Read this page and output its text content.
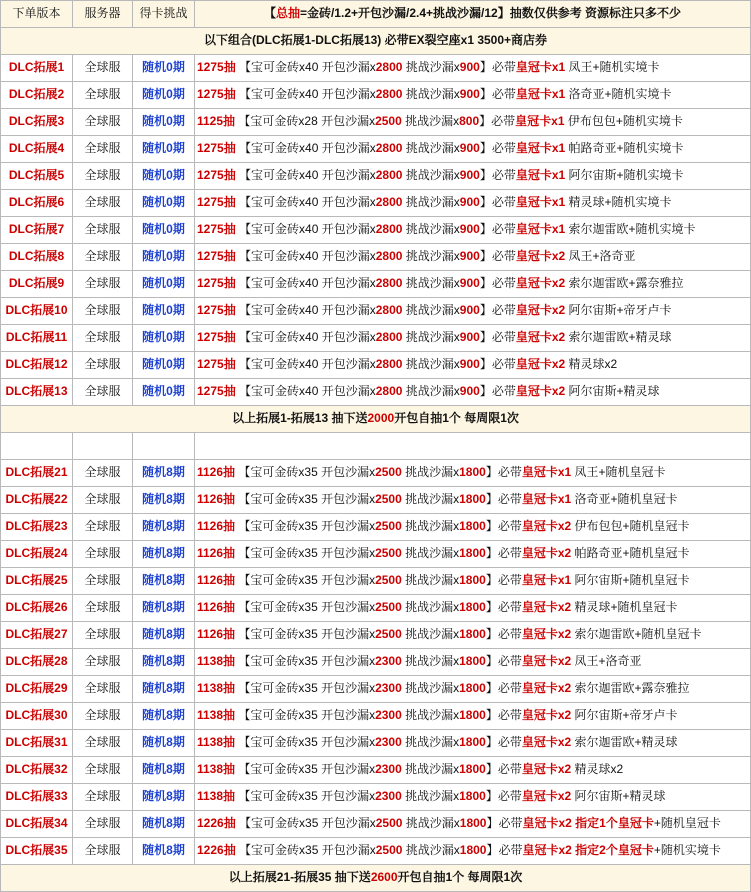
下单版本	服务器	得卡挑战	【总抽=金砖/1.2+开包沙漏/2.4+挑战沙漏/12】抽数仅供参考 资源标注只多不少
以下组合(DLC拓展1-DLC拓展13) 必带EX裂空座x1 3500+商店券			
DLC拓展1	全球服	随机0期	1275抽 【宝可金砖x40 开包沙漏x2800 挑战沙漏x900】必带皇冠卡x1 凤王+随机实境卡
DLC拓展2	全球服	随机0期	1275抽 【宝可金砖x40 开包沙漏x2800 挑战沙漏x900】必带皇冠卡x1 洛奇亚+随机实境卡
DLC拓展3	全球服	随机0期	1125抽 【宝可金砖x28 开包沙漏x2500 挑战沙漏x800】必带皇冠卡x1 伊布包包+随机实境卡
DLC拓展4	全球服	随机0期	1275抽 【宝可金砖x40 开包沙漏x2800 挑战沙漏x900】必带皇冠卡x1 帕路奇亚+随机实境卡
DLC拓展5	全球服	随机0期	1275抽 【宝可金砖x40 开包沙漏x2800 挑战沙漏x900】必带皇冠卡x1 阿尔宙斯+随机实境卡
DLC拓展6	全球服	随机0期	1275抽 【宝可金砖x40 开包沙漏x2800 挑战沙漏x900】必带皇冠卡x1 精灵球+随机实境卡
DLC拓展7	全球服	随机0期	1275抽 【宝可金砖x40 开包沙漏x2800 挑战沙漏x900】必带皇冠卡x1 索尔迦雷欧+随机实境卡
DLC拓展8	全球服	随机0期	1275抽 【宝可金砖x40 开包沙漏x2800 挑战沙漏x900】必带皇冠卡x2 凤王+洛奇亚
DLC拓展9	全球服	随机0期	1275抽 【宝可金砖x40 开包沙漏x2800 挑战沙漏x900】必带皇冠卡x2 索尔迦雷欧+露奈雅拉
DLC拓展10	全球服	随机0期	1275抽 【宝可金砖x40 开包沙漏x2800 挑战沙漏x900】必带皇冠卡x2 阿尔宙斯+帝牙卢卡
DLC拓展11	全球服	随机0期	1275抽 【宝可金砖x40 开包沙漏x2800 挑战沙漏x900】必带皇冠卡x2 索尔迦雷欧+精灵球
DLC拓展12	全球服	随机0期	1275抽 【宝可金砖x40 开包沙漏x2800 挑战沙漏x900】必带皇冠卡x2 精灵球x2
DLC拓展13	全球服	随机0期	1275抽 【宝可金砖x40 开包沙漏x2800 挑战沙漏x900】必带皇冠卡x2 阿尔宙斯+精灵球
以上拓展1-拓展13 抽下送2000开包自抽1个 每周限1次			

DLC拓展21	全球服	随机8期	1126抽 【宝可金砖x35 开包沙漏x2500 挑战沙漏x1800】必带皇冠卡x1 凤王+随机皇冠卡
DLC拓展22	全球服	随机8期	1126抽 【宝可金砖x35 开包沙漏x2500 挑战沙漏x1800】必带皇冠卡x1 洛奇亚+随机皇冠卡
DLC拓展23	全球服	随机8期	1126抽 【宝可金砖x35 开包沙漏x2500 挑战沙漏x1800】必带皇冠卡x2 伊布包包+随机皇冠卡
DLC拓展24	全球服	随机8期	1126抽 【宝可金砖x35 开包沙漏x2500 挑战沙漏x1800】必带皇冠卡x2 帕路奇亚+随机皇冠卡
DLC拓展25	全球服	随机8期	1126抽 【宝可金砖x35 开包沙漏x2500 挑战沙漏x1800】必带皇冠卡x1 阿尔宙斯+随机皇冠卡
DLC拓展26	全球服	随机8期	1126抽 【宝可金砖x35 开包沙漏x2500 挑战沙漏x1800】必带皇冠卡x2 精灵球+随机皇冠卡
DLC拓展27	全球服	随机8期	1126抽 【宝可金砖x35 开包沙漏x2500 挑战沙漏x1800】必带皇冠卡x2 索尔迦雷欧+随机皇冠卡
DLC拓展28	全球服	随机8期	1138抽 【宝可金砖x35 开包沙漏x2300 挑战沙漏x1800】必带皇冠卡x2 凤王+洛奇亚
DLC拓展29	全球服	随机8期	1138抽 【宝可金砖x35 开包沙漏x2300 挑战沙漏x1800】必带皇冠卡x2 索尔迦雷欧+露奈雅拉
DLC拓展30	全球服	随机8期	1138抽 【宝可金砖x35 开包沙漏x2300 挑战沙漏x1800】必带皇冠卡x2 阿尔宙斯+帝牙卢卡
DLC拓展31	全球服	随机8期	1138抽 【宝可金砖x35 开包沙漏x2300 挑战沙漏x1800】必带皇冠卡x2 索尔迦雷欧+精灵球
DLC拓展32	全球服	随机8期	1138抽 【宝可金砖x35 开包沙漏x2300 挑战沙漏x1800】必带皇冠卡x2 精灵球x2
DLC拓展33	全球服	随机8期	1138抽 【宝可金砖x35 开包沙漏x2300 挑战沙漏x1800】必带皇冠卡x2 阿尔宙斯+精灵球
DLC拓展34	全球服	随机8期	1226抽 【宝可金砖x35 开包沙漏x2500 挑战沙漏x1800】必带皇冠卡x2 指定1个皇冠卡+随机皇冠卡
DLC拓展35	全球服	随机8期	1226抽 【宝可金砖x35 开包沙漏x2500 挑战沙漏x1800】必带皇冠卡x2 指定2个皇冠卡+随机实境卡
以上拓展21-拓展35 抽下送2600开包自抽1个 每周限1次			
